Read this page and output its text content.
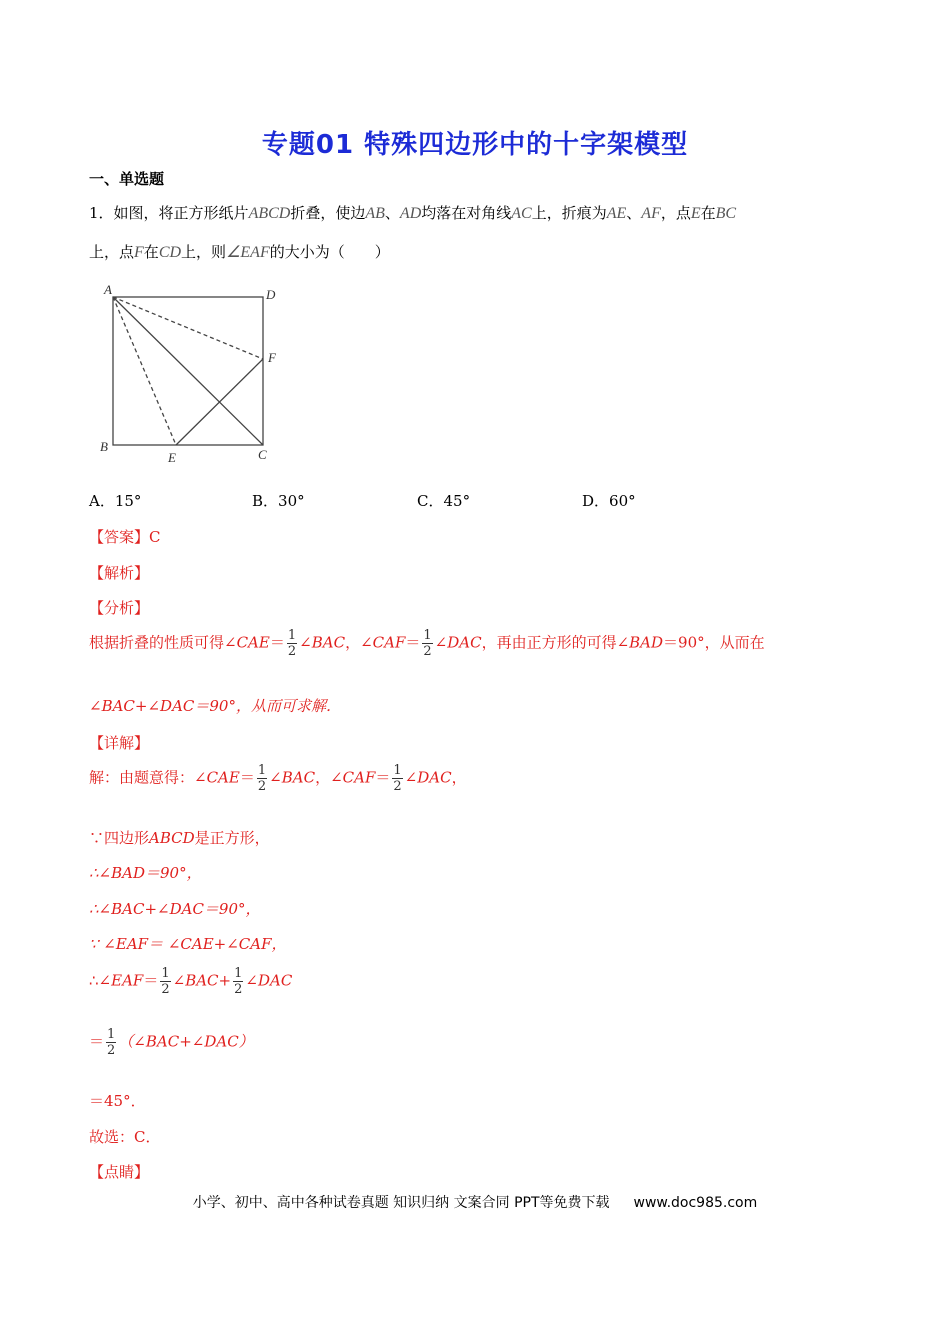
专题01 特殊四边形中的十字架模型
一、单选题
1．如图，将正方形纸片ABCD折叠，使边AB、AD均落在对角线AC上，折痕为AE、AF，点E在BC
上，点F在CD上，则∠EAF的大小为（　　）
A	D
F
B
E	C
A．15°	B．30°	C．45°	D．60°
【答案】C
【解析】
【分析】
根据折叠的性质可得∠CAE＝ $\frac{1}{2}$ ∠BAC，∠CAF＝ $\frac{1}{2}$ ∠DAC，再由正方形的可得∠BAD＝90°，从而在
∠BAC+∠DAC＝90°，从而可求解．
【详解】
解：由题意得：∠CAE＝ $\frac{1}{2}$ ∠BAC，∠CAF＝ $\frac{1}{2}$ ∠DAC，
∵四边形ABCD是正方形，
∴∠BAD＝90°，
∴∠BAC+∠DAC＝90°，
∵ ∠EAF＝ ∠CAE+∠CAF，
∴∠EAF＝ $\frac{1}{2}$ ∠BAC+ $\frac{1}{2}$ ∠DAC
＝ $\frac{1}{2}$ （∠BAC+∠DAC）
＝45°．
故选：C．
【点睛】
小学、初中、高中各种试卷真题 知识归纳 文案合同 PPT等免费下载 www.doc985.com
